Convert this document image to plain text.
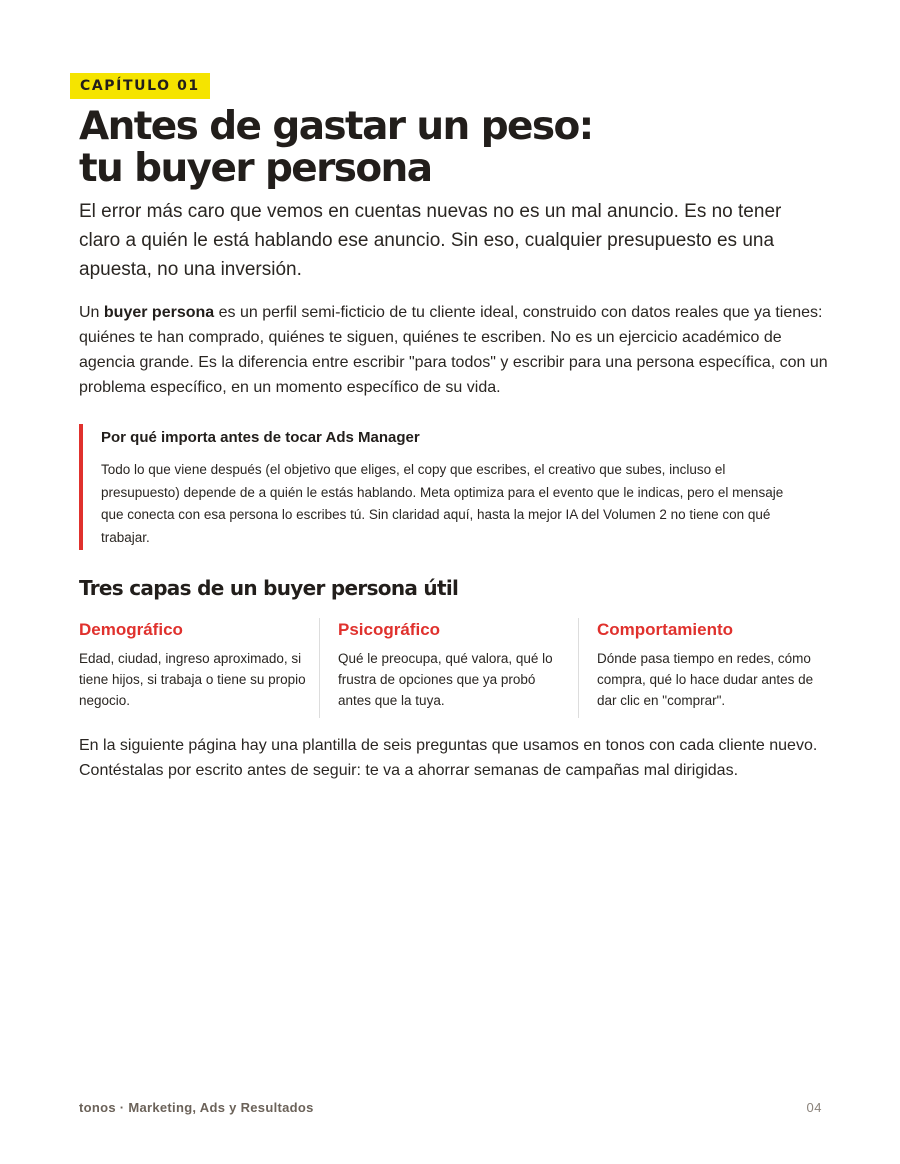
CAPÍTULO 01
Antes de gastar un peso:
tu buyer persona

El error más caro que vemos en cuentas nuevas no es un mal anuncio. Es no tener claro a quién le está hablando ese anuncio. Sin eso, cualquier presupuesto es una apuesta, no una inversión.

Un buyer persona es un perfil semi-ficticio de tu cliente ideal, construido con datos reales que ya tienes: quiénes te han comprado, quiénes te siguen, quiénes te escriben. No es un ejercicio académico de agencia grande. Es la diferencia entre escribir "para todos" y escribir para una persona específica, con un problema específico, en un momento específico de su vida.

Por qué importa antes de tocar Ads Manager

Todo lo que viene después (el objetivo que eliges, el copy que escribes, el creativo que subes, incluso el presupuesto) depende de a quién le estás hablando. Meta optimiza para el evento que le indicas, pero el mensaje que conecta con esa persona lo escribes tú. Sin claridad aquí, hasta la mejor IA del Volumen 2 no tiene con qué trabajar.

Tres capas de un buyer persona útil

Demográfico

Edad, ciudad, ingreso aproximado, si tiene hijos, si trabaja o tiene su propio negocio.

Psicográfico

Qué le preocupa, qué valora, qué lo frustra de opciones que ya probó antes que la tuya.

Comportamiento

Dónde pasa tiempo en redes, cómo compra, qué lo hace dudar antes de dar clic en "comprar".

En la siguiente página hay una plantilla de seis preguntas que usamos en tonos con cada cliente nuevo. Contéstalas por escrito antes de seguir: te va a ahorrar semanas de campañas mal dirigidas.

tonos · Marketing, Ads y Resultados	04
